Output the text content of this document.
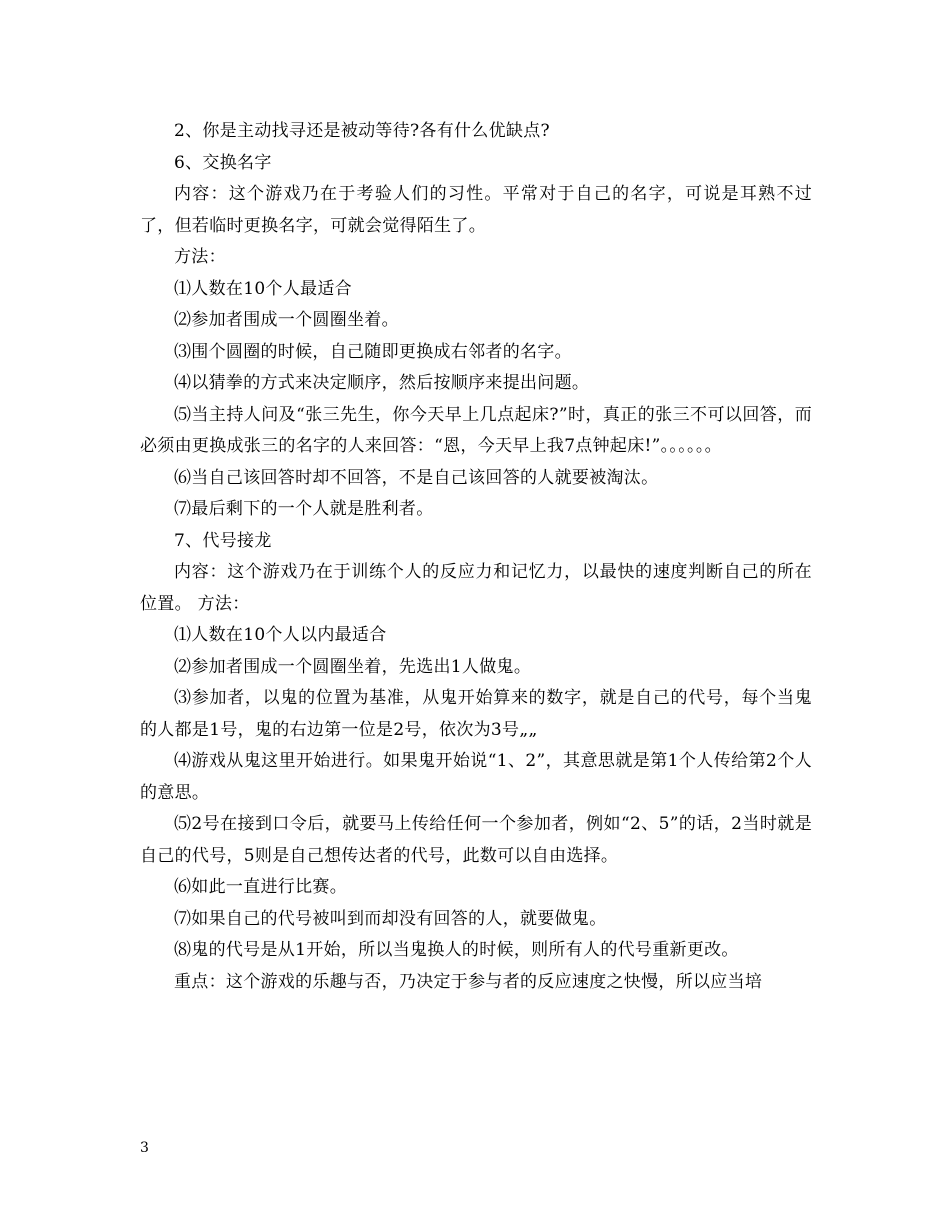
2、你是主动找寻还是被动等待?各有什么优缺点?

6、交换名字

内容：这个游戏乃在于考验人们的习性。平常对于自己的名字，可说是耳熟不过了，但若临时更换名字，可就会觉得陌生了。

方法：

⑴人数在10个人最适合

⑵参加者围成一个圆圈坐着。

⑶围个圆圈的时候，自己随即更换成右邻者的名字。

⑷以猜拳的方式来决定顺序，然后按顺序来提出问题。

⑸当主持人问及“张三先生，你今天早上几点起床?”时，真正的张三不可以回答，而必须由更换成张三的名字的人来回答：“恩，今天早上我7点钟起床!”。。。。。。

⑹当自己该回答时却不回答，不是自己该回答的人就要被淘汰。

⑺最后剩下的一个人就是胜利者。

7、代号接龙

内容：这个游戏乃在于训练个人的反应力和记忆力，以最快的速度判断自己的所在位置。 方法：

⑴人数在10个人以内最适合

⑵参加者围成一个圆圈坐着，先选出1人做鬼。

⑶参加者，以鬼的位置为基准，从鬼开始算来的数字，就是自己的代号，每个当鬼的人都是1号，鬼的右边第一位是2号，依次为3号„„

⑷游戏从鬼这里开始进行。如果鬼开始说“1、2”，其意思就是第1个人传给第2个人的意思。

⑸2号在接到口令后，就要马上传给任何一个参加者，例如“2、5”的话，2当时就是自己的代号，5则是自己想传达者的代号，此数可以自由选择。

⑹如此一直进行比赛。

⑺如果自己的代号被叫到而却没有回答的人，就要做鬼。

⑻鬼的代号是从1开始，所以当鬼换人的时候，则所有人的代号重新更改。

重点：这个游戏的乐趣与否，乃决定于参与者的反应速度之快慢，所以应当培

3
